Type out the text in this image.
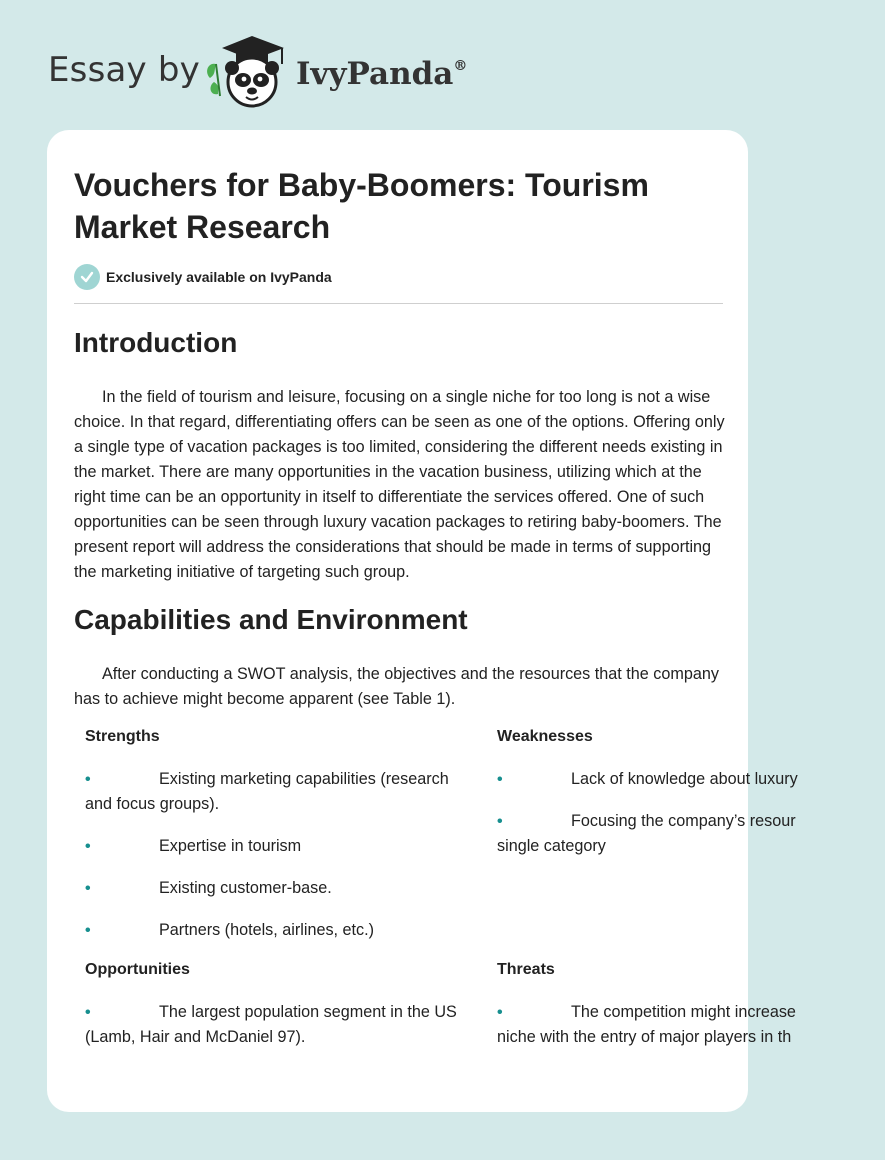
Essay by	IvyPanda®
Vouchers for Baby-Boomers: Tourism Market Research
Exclusively available on IvyPanda
Introduction

In the field of tourism and leisure, focusing on a single niche for too long is not a wise choice. In that regard, differentiating offers can be seen as one of the options. Offering only a single type of vacation packages is too limited, considering the different needs existing in the market. There are many opportunities in the vacation business, utilizing which at the right time can be an opportunity in itself to differentiate the services offered. One of such opportunities can be seen through luxury vacation packages to retiring baby-boomers. The present report will address the considerations that should be made in terms of supporting the marketing initiative of targeting such group.

Capabilities and Environment

After conducting a SWOT analysis, the objectives and the resources that the company has to achieve might become apparent (see Table 1).

Strengths

•	Existing marketing capabilities (research
and focus groups).
•	Expertise in tourism
•	Existing customer-base.
•	Partners (hotels, airlines, etc.)

Weaknesses

•	Lack of knowledge about luxury
•	Focusing the company’s resour
single category

Opportunities

•	The largest population segment in the US
(Lamb, Hair and McDaniel 97).

Threats

•	The competition might increase
niche with the entry of major players in th
